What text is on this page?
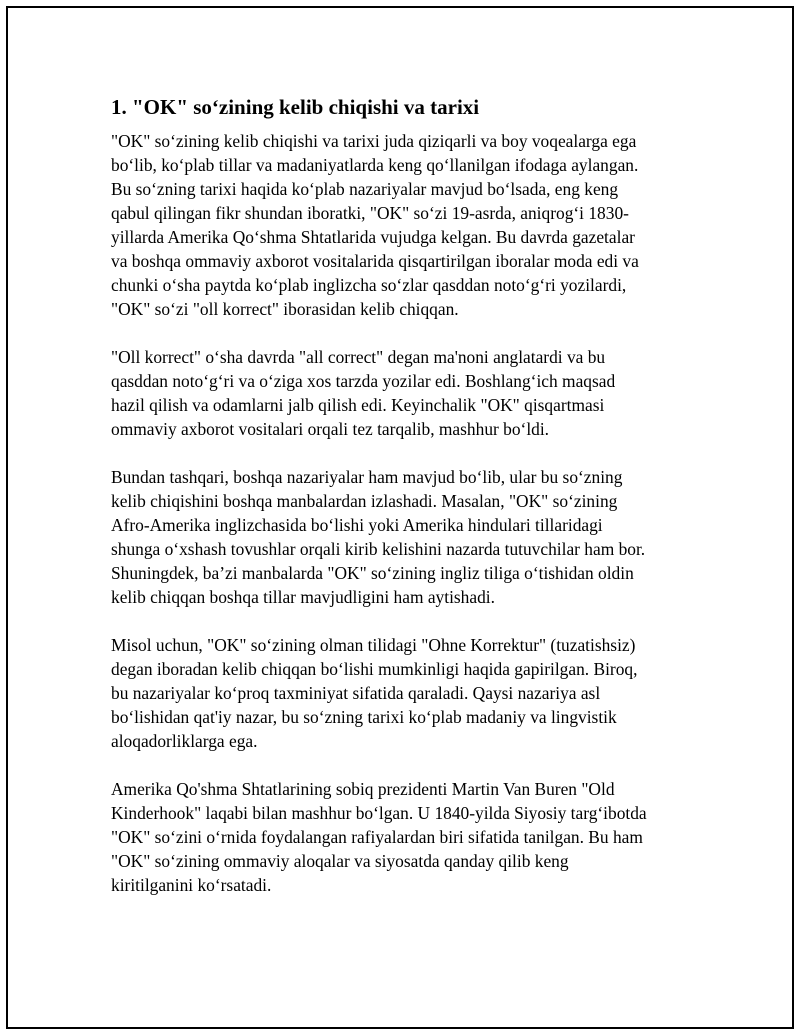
1. "OK" so‘zining kelib chiqishi va tarixi

"OK" so‘zining kelib chiqishi va tarixi juda qiziqarli va boy voqealarga ega
bo‘lib, ko‘plab tillar va madaniyatlarda keng qo‘llanilgan ifodaga aylangan.
Bu so‘zning tarixi haqida ko‘plab nazariyalar mavjud bo‘lsada, eng keng
qabul qilingan fikr shundan iboratki, "OK" so‘zi 19-asrda, aniqrog‘i 1830-
yillarda Amerika Qo‘shma Shtatlarida vujudga kelgan. Bu davrda gazetalar
va boshqa ommaviy axborot vositalarida qisqartirilgan iboralar moda edi va
chunki o‘sha paytda ko‘plab inglizcha so‘zlar qasddan noto‘g‘ri yozilardi,
"OK" so‘zi "oll korrect" iborasidan kelib chiqqan.

"Oll korrect" o‘sha davrda "all correct" degan ma'noni anglatardi va bu
qasddan noto‘g‘ri va o‘ziga xos tarzda yozilar edi. Boshlang‘ich maqsad
hazil qilish va odamlarni jalb qilish edi. Keyinchalik "OK" qisqartmasi
ommaviy axborot vositalari orqali tez tarqalib, mashhur bo‘ldi.

Bundan tashqari, boshqa nazariyalar ham mavjud bo‘lib, ular bu so‘zning
kelib chiqishini boshqa manbalardan izlashadi. Masalan, "OK" so‘zining
Afro-Amerika inglizchasida bo‘lishi yoki Amerika hindulari tillaridagi
shunga o‘xshash tovushlar orqali kirib kelishini nazarda tutuvchilar ham bor.
Shuningdek, ba’zi manbalarda "OK" so‘zining ingliz tiliga o‘tishidan oldin
kelib chiqqan boshqa tillar mavjudligini ham aytishadi.

Misol uchun, "OK" so‘zining olman tilidagi "Ohne Korrektur" (tuzatishsiz)
degan iboradan kelib chiqqan bo‘lishi mumkinligi haqida gapirilgan. Biroq,
bu nazariyalar ko‘proq taxminiyat sifatida qaraladi. Qaysi nazariya asl
bo‘lishidan qat'iy nazar, bu so‘zning tarixi ko‘plab madaniy va lingvistik
aloqadorliklarga ega.

Amerika Qo'shma Shtatlarining sobiq prezidenti Martin Van Buren "Old
Kinderhook" laqabi bilan mashhur bo‘lgan. U 1840-yilda Siyosiy targ‘ibotda
"OK" so‘zini o‘rnida foydalangan rafiyalardan biri sifatida tanilgan. Bu ham
"OK" so‘zining ommaviy aloqalar va siyosatda qanday qilib keng
kiritilganini ko‘rsatadi.
